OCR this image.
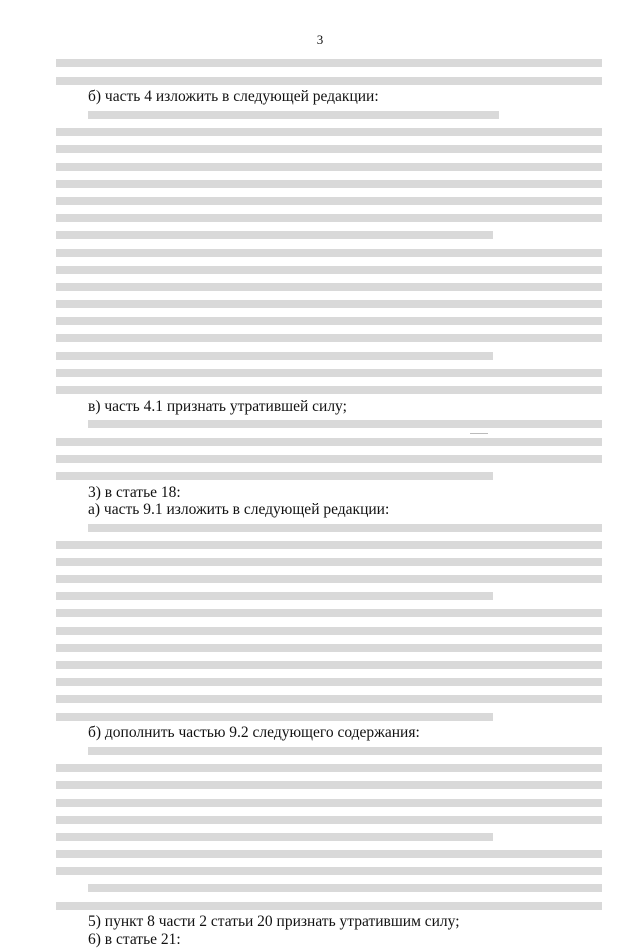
3
б) часть 4 изложить в следующей редакции:
в) часть 4.1 признать утратившей силу;
3) в статье 18:
а) часть 9.1 изложить в следующей редакции:
б) дополнить частью 9.2 следующего содержания:
5) пункт 8 части 2 статьи 20 признать утратившим силу;
6) в статье 21:
